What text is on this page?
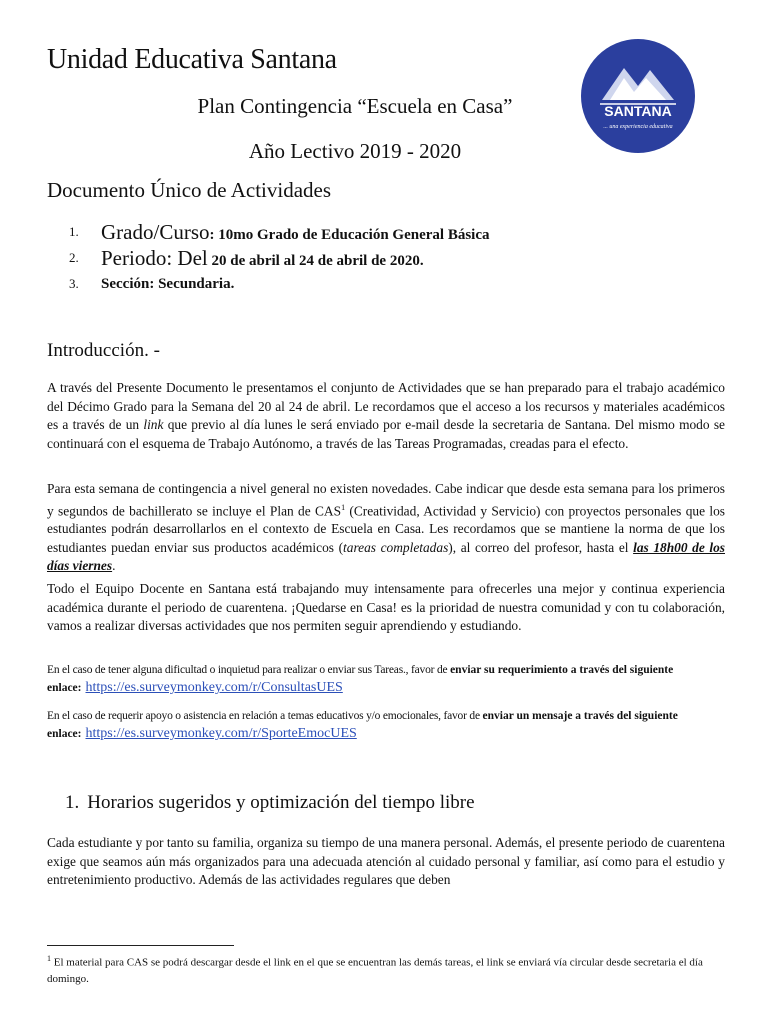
Unidad Educativa Santana
Plan Contingencia “Escuela en Casa”
Año Lectivo 2019 - 2020
SANTANA
... una experiencia educativa
Documento Único de Actividades
1. Grado/Curso: 10mo Grado de Educación General Básica
2. Periodo: Del 20 de abril al 24 de abril de 2020.
3. Sección: Secundaria.
Introducción. -

A través del Presente Documento le presentamos el conjunto de Actividades que se han preparado para el trabajo académico del Décimo Grado para la Semana del 20 al 24 de abril. Le recordamos que el acceso a los recursos y materiales académicos es a través de un link que previo al día lunes le será enviado por e-mail desde la secretaria de Santana. Del mismo modo se continuará con el esquema de Trabajo Autónomo, a través de las Tareas Programadas, creadas para el efecto.

Para esta semana de contingencia a nivel general no existen novedades. Cabe indicar que desde esta semana para los primeros y segundos de bachillerato se incluye el Plan de CAS$^1$ (Creatividad, Actividad y Servicio) con proyectos personales que los estudiantes podrán desarrollarlos en el contexto de Escuela en Casa. Les recordamos que se mantiene la norma de que los estudiantes puedan enviar sus productos académicos (tareas completadas), al correo del profesor, hasta el las 18h00 de los días viernes.

Todo el Equipo Docente en Santana está trabajando muy intensamente para ofrecerles una mejor y continua experiencia académica durante el periodo de cuarentena. ¡Quedarse en Casa! es la prioridad de nuestra comunidad y con tu colaboración, vamos a realizar diversas actividades que nos permiten seguir aprendiendo y estudiando.

En el caso de tener alguna dificultad o inquietud para realizar o enviar sus Tareas., favor de enviar su requerimiento a través del siguiente enlace: https://es.surveymonkey.com/r/ConsultasUES

En el caso de requerir apoyo o asistencia en relación a temas educativos y/o emocionales, favor de enviar un mensaje a través del siguiente enlace: https://es.surveymonkey.com/r/SporteEmocUES

1. Horarios sugeridos y optimización del tiempo libre

Cada estudiante y por tanto su familia, organiza su tiempo de una manera personal. Además, el presente periodo de cuarentena exige que seamos aún más organizados para una adecuada atención al cuidado personal y familiar, así como para el estudio y entretenimiento productivo. Además de las actividades regulares que deben

$^1$ El material para CAS se podrá descargar desde el link en el que se encuentran las demás tareas, el link se enviará vía circular desde secretaria el día domingo.
